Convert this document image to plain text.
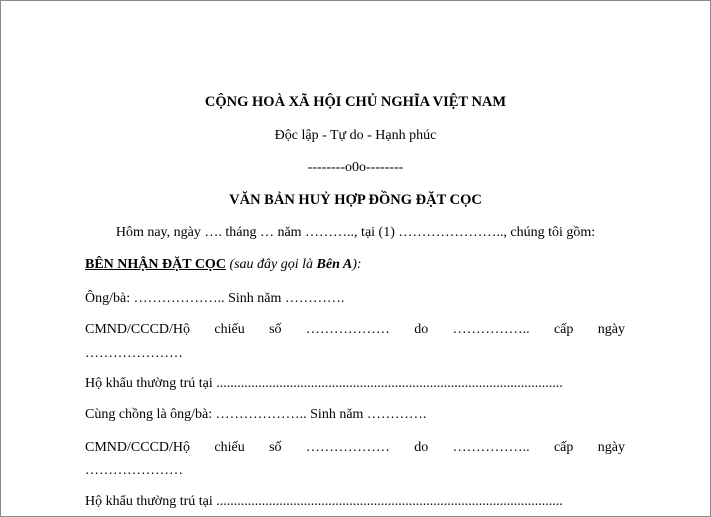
CỘNG HOÀ XÃ HỘI CHỦ NGHĨA VIỆT NAM
Độc lập - Tự do - Hạnh phúc
--------o0o--------
VĂN BẢN HUỶ HỢP ĐỒNG ĐẶT CỌC
Hôm nay, ngày …. tháng … năm ……….., tại (1) ………………….., chúng tôi gồm:
BÊN NHẬN ĐẶT CỌC (sau đây gọi là Bên A):
Ông/bà: ……………….. Sinh năm ………….
CMND/CCCD/Hộ chiếu số ……………… do …………….. cấp ngày
…………………
Hộ khẩu thường trú tại ...................................................................................................
Cùng chồng là ông/bà: ……………….. Sinh năm ………….
CMND/CCCD/Hộ chiếu số ……………… do …………….. cấp ngày
…………………
Hộ khẩu thường trú tại ...................................................................................................
